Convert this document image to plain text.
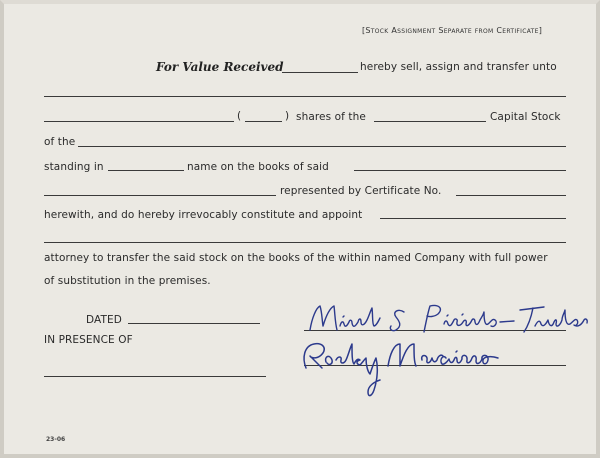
[Stock Assignment Separate from Certificate]
For Value Received	hereby sell, assign and transfer unto
(	) shares of the	Capital Stock
of the
standing in	name on the books of said
represented by Certificate No.
herewith, and do hereby irrevocably constitute and appoint
attorney to transfer the said stock on the books of the within named Company with full power
of substitution in the premises.
DATED
IN PRESENCE OF
23-06
